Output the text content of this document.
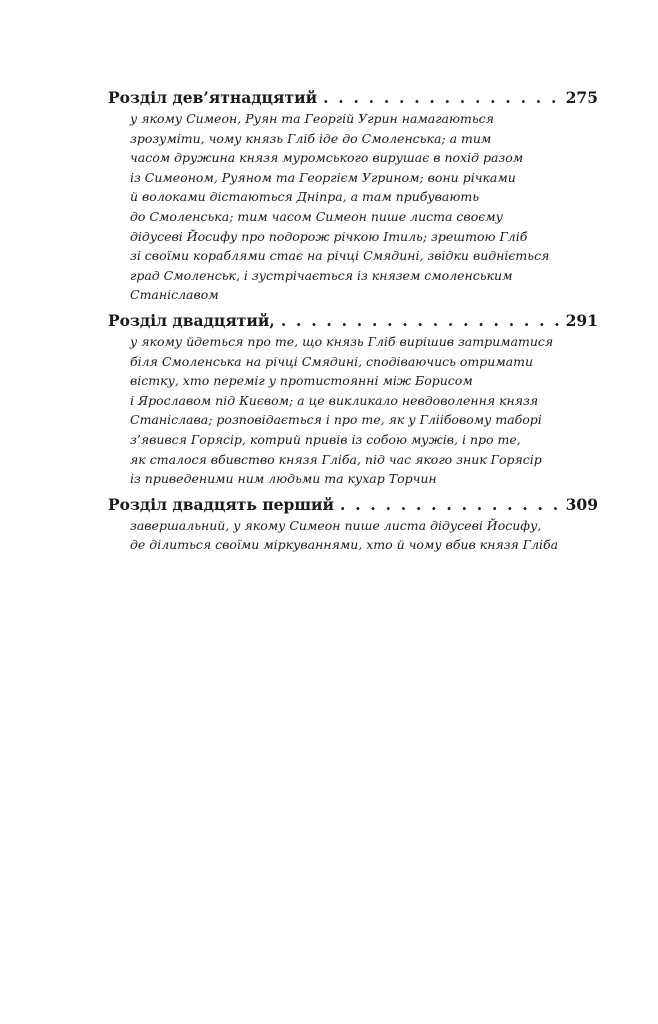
Розділ дев’ятнадцятий . . .	275
у якому Симеон, Руян та Георгій Угрин намагаються
зрозуміти, чому князь Гліб іде до Смоленська; а тим
часом дружина князя муромського вирушає в похід разом
із Симеоном, Руяном та Георгієм Угрином; вони річками
й волоками дістаються Дніпра, а там прибувають
до Смоленська; тим часом Симеон пише листа своєму
дідусеві Йосифу про подорож річкою Ітиль; зрештою Гліб
зі своїми кораблями стає на річці Смядині, звідки видніється
град Смоленськ, і зустрічається із князем смоленським
Станіславом
Розділ двадцятий, . . .	291
у якому йдеться про те, що князь Гліб вирішив затриматися
біля Смоленська на річці Смядині, сподіваючись отримати
вістку, хто переміг у протистоянні між Борисом
і Ярославом під Києвом; а це викликало невдоволення князя
Станіслава; розповідається і про те, як у Гліібовому таборі
з’явився Горясір, котрий привів із собою мужів, і про те,
як сталося вбивство князя Гліба, під час якого зник Горясір
із приведеними ним людьми та кухар Торчин
Розділ двадцять перший . . .	309
завершальний, у якому Симеон пише листа дідусеві Йосифу,
де ділиться своїми міркуваннями, хто й чому вбив князя Гліба
